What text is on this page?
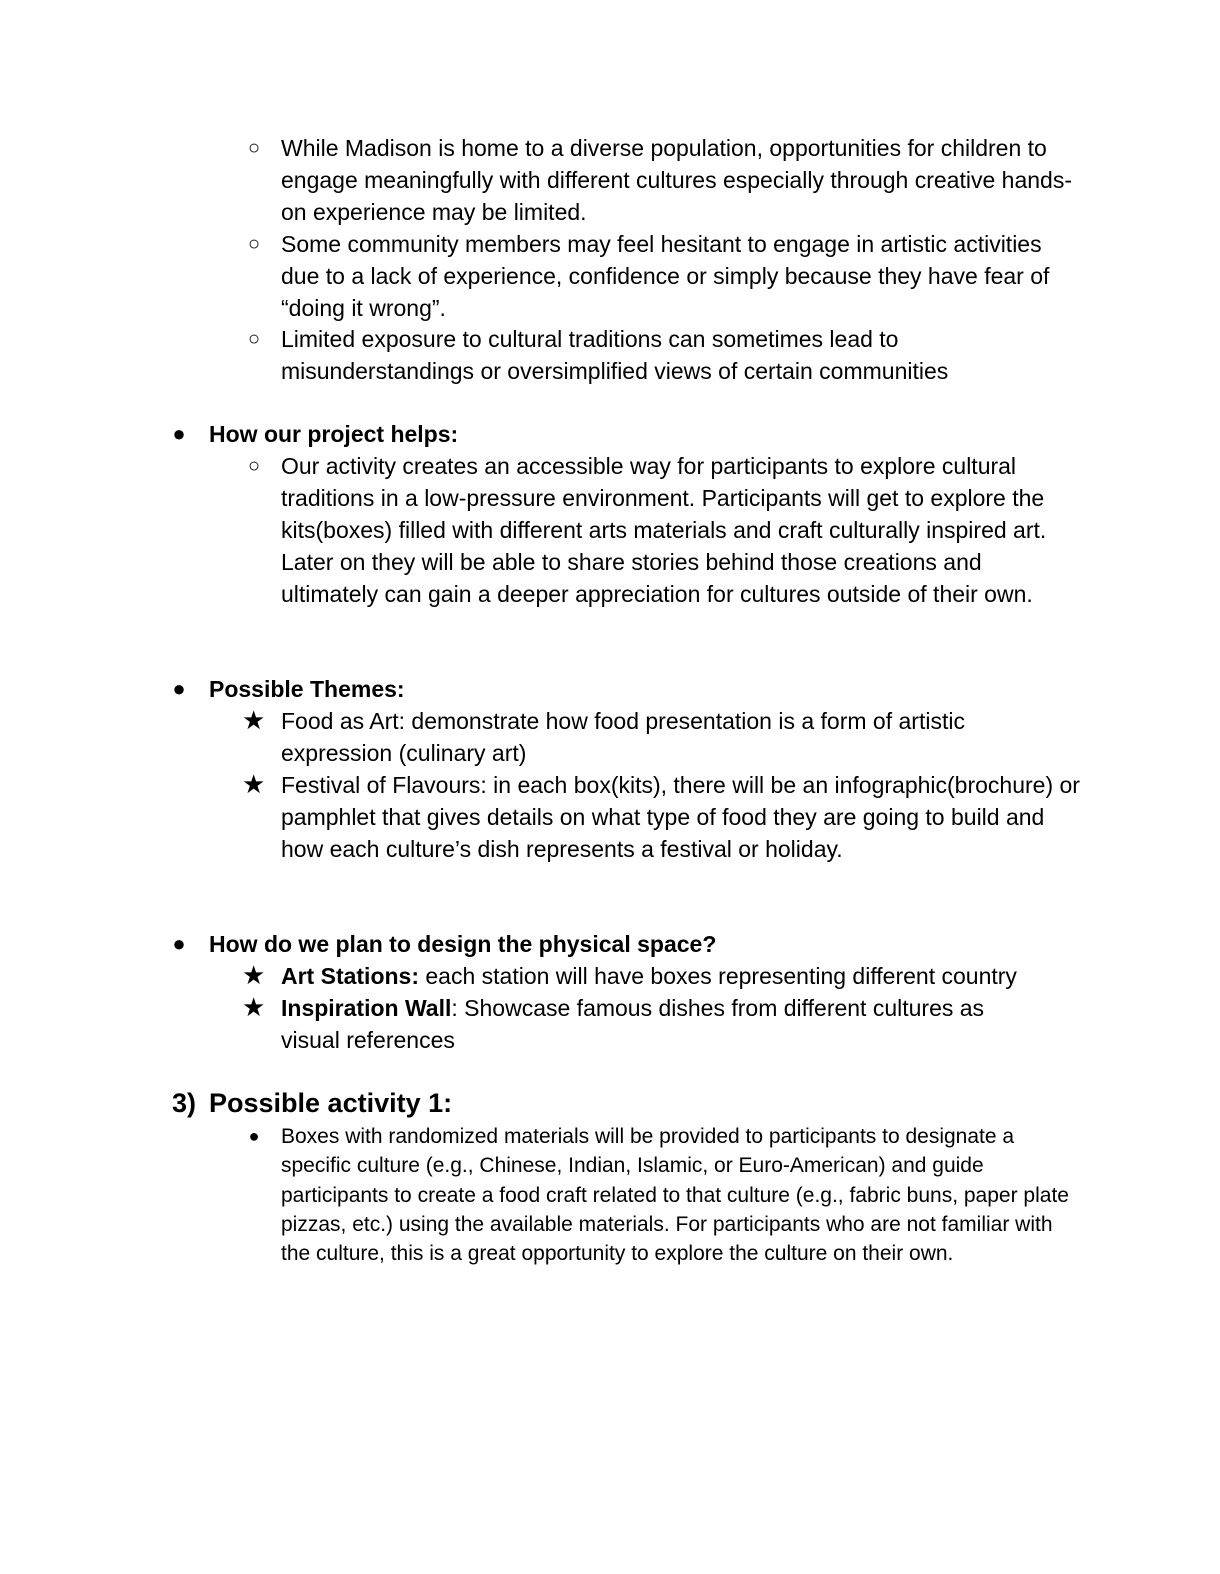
○ While Madison is home to a diverse population, opportunities for children to engage meaningfully with different cultures especially through creative hands-on experience may be limited.
○ Some community members may feel hesitant to engage in artistic activities due to a lack of experience, confidence or simply because they have fear of “doing it wrong”.
○ Limited exposure to cultural traditions can sometimes lead to misunderstandings or oversimplified views of certain communities
● How our project helps:
○ Our activity creates an accessible way for participants to explore cultural traditions in a low-pressure environment. Participants will get to explore the kits(boxes) filled with different arts materials and craft culturally inspired art. Later on they will be able to share stories behind those creations and ultimately can gain a deeper appreciation for cultures outside of their own.
● Possible Themes:
★ Food as Art: demonstrate how food presentation is a form of artistic expression (culinary art)
★ Festival of Flavours: in each box(kits), there will be an infographic(brochure) or pamphlet that gives details on what type of food they are going to build and how each culture’s dish represents a festival or holiday.
● How do we plan to design the physical space?
★ Art Stations: each station will have boxes representing different country
★ Inspiration Wall: Showcase famous dishes from different cultures as visual references
3) Possible activity 1:
● Boxes with randomized materials will be provided to participants to designate a specific culture (e.g., Chinese, Indian, Islamic, or Euro-American) and guide participants to create a food craft related to that culture (e.g., fabric buns, paper plate pizzas, etc.) using the available materials. For participants who are not familiar with the culture, this is a great opportunity to explore the culture on their own.
